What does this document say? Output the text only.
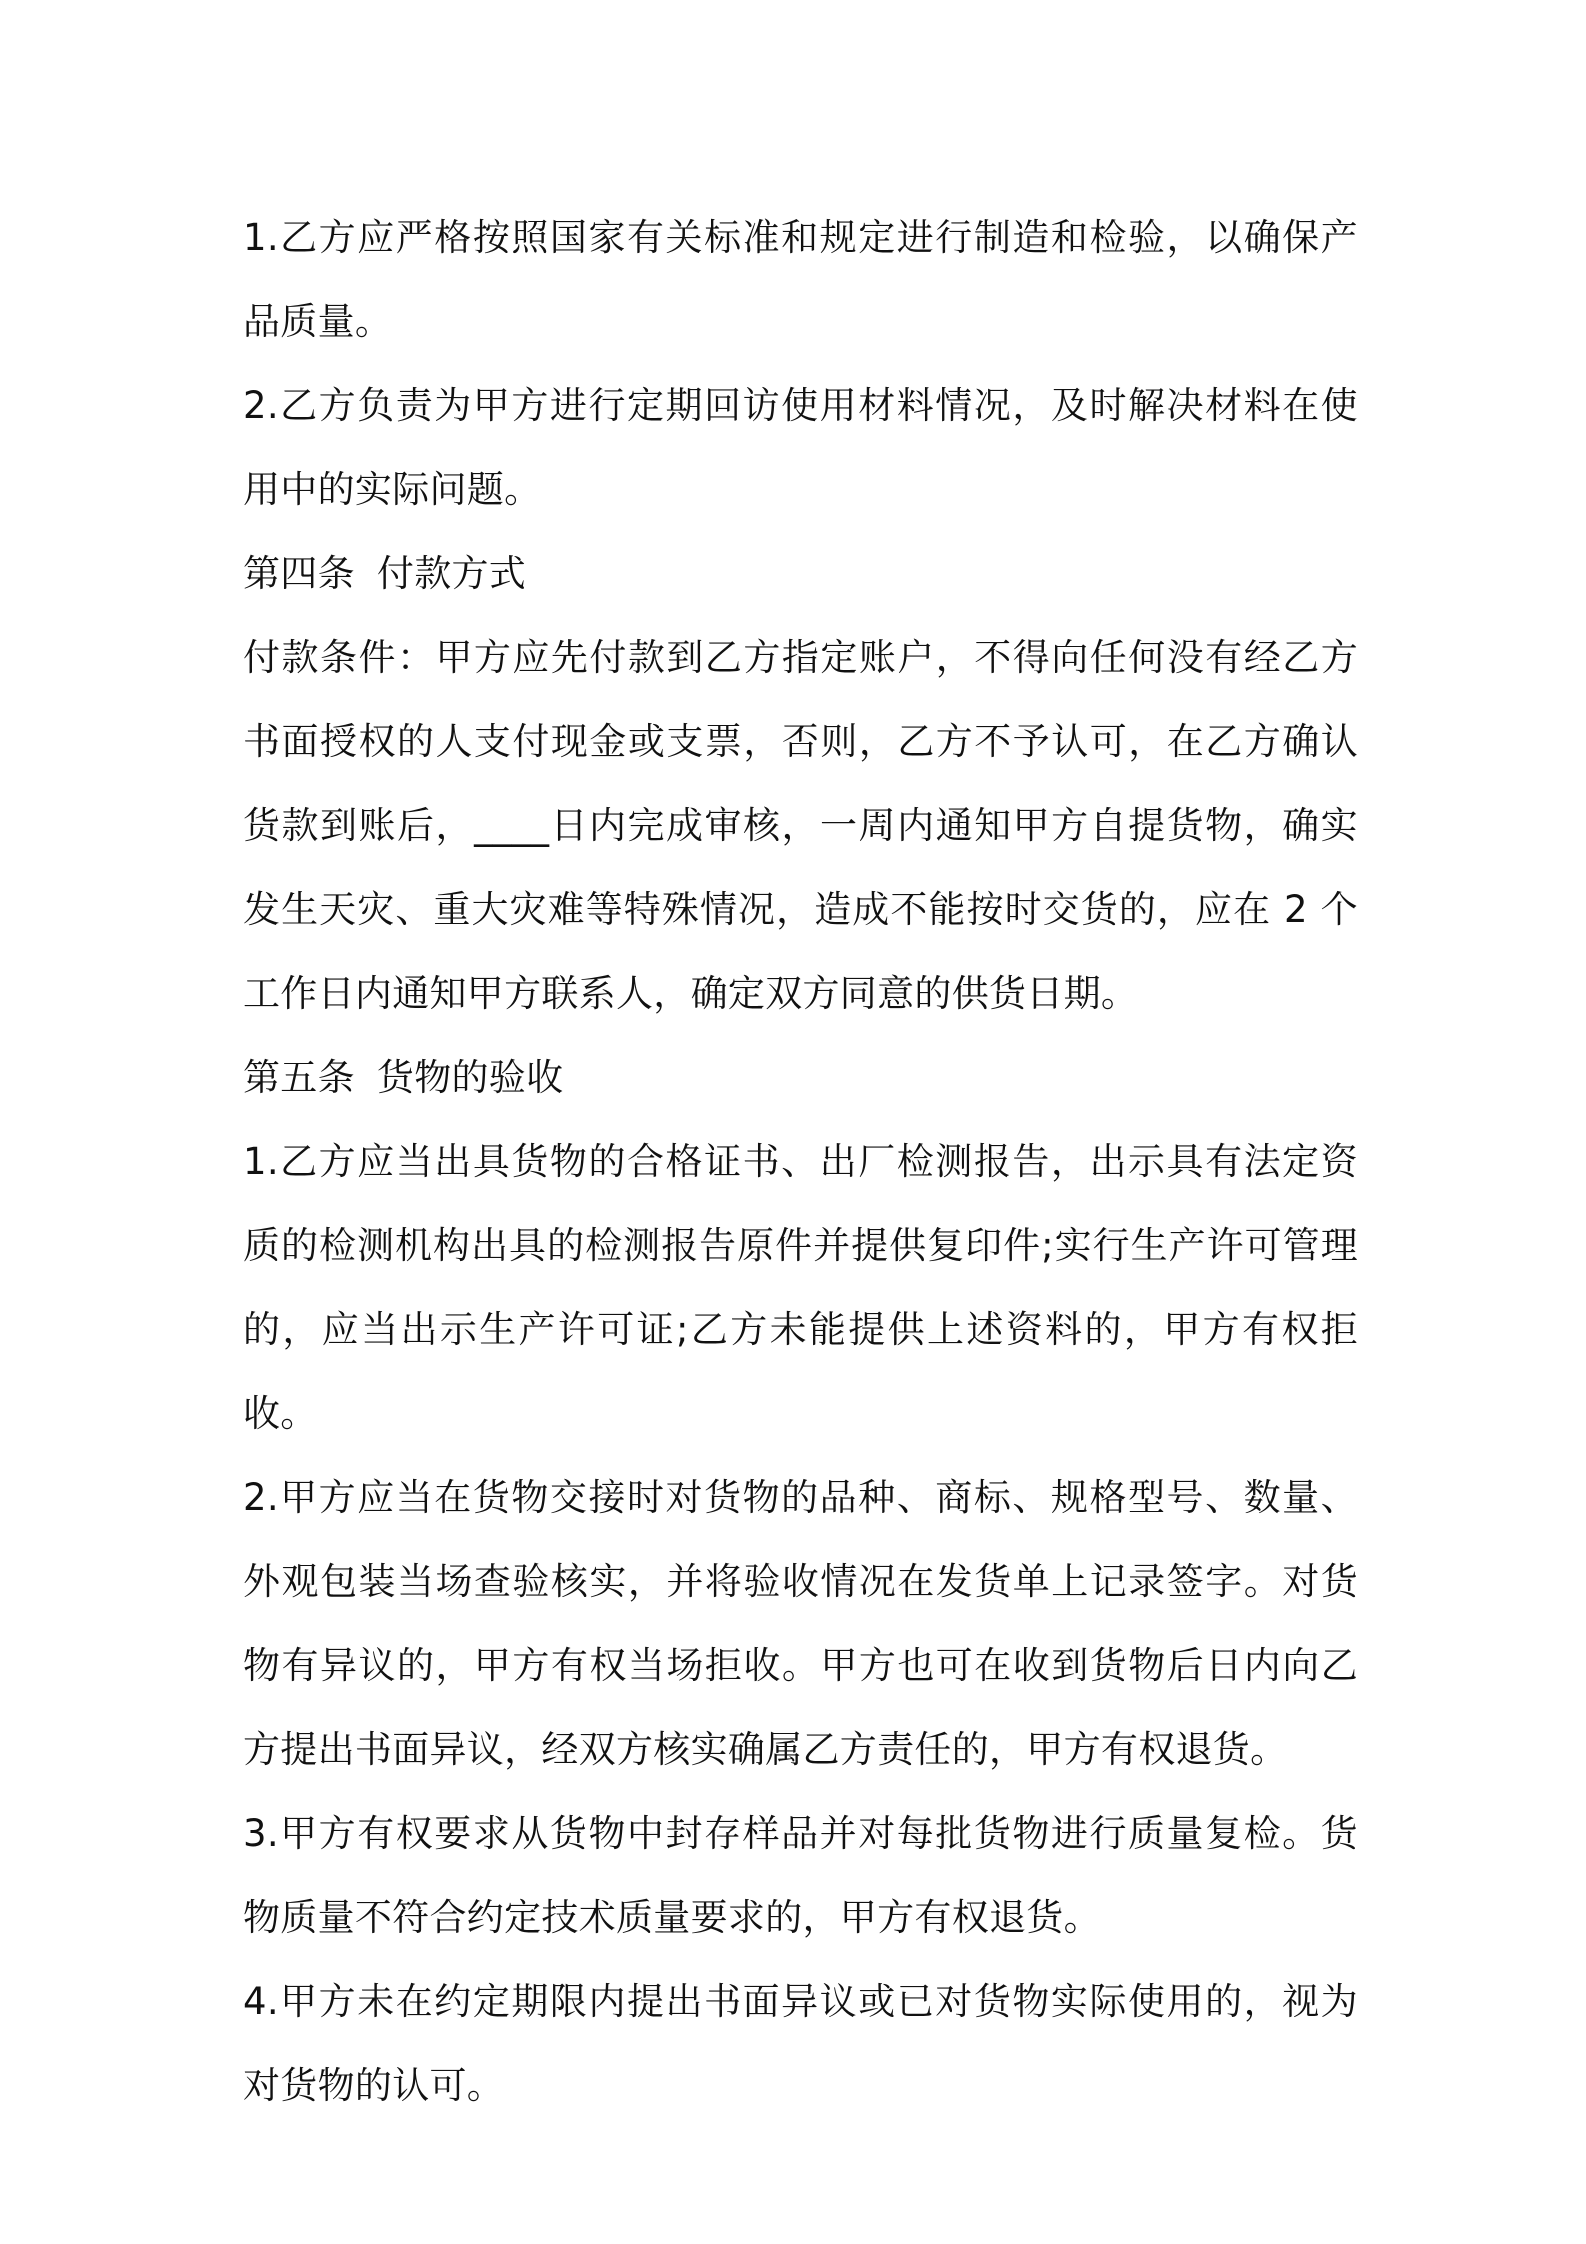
1.乙方应严格按照国家有关标准和规定进行制造和检验，以确保产品质量。

2.乙方负责为甲方进行定期回访使用材料情况，及时解决材料在使用中的实际问题。

第四条 付款方式

付款条件：甲方应先付款到乙方指定账户，不得向任何没有经乙方书面授权的人支付现金或支票，否则，乙方不予认可，在乙方确认货款到账后，____日内完成审核，一周内通知甲方自提货物，确实发生天灾、重大灾难等特殊情况，造成不能按时交货的，应在 2 个工作日内通知甲方联系人，确定双方同意的供货日期。

第五条 货物的验收

1.乙方应当出具货物的合格证书、出厂检测报告，出示具有法定资质的检测机构出具的检测报告原件并提供复印件;实行生产许可管理的，应当出示生产许可证;乙方未能提供上述资料的，甲方有权拒收。

2.甲方应当在货物交接时对货物的品种、商标、规格型号、数量、外观包装当场查验核实，并将验收情况在发货单上记录签字。对货物有异议的，甲方有权当场拒收。甲方也可在收到货物后日内向乙方提出书面异议，经双方核实确属乙方责任的，甲方有权退货。

3.甲方有权要求从货物中封存样品并对每批货物进行质量复检。货物质量不符合约定技术质量要求的，甲方有权退货。

4.甲方未在约定期限内提出书面异议或已对货物实际使用的，视为对货物的认可。
